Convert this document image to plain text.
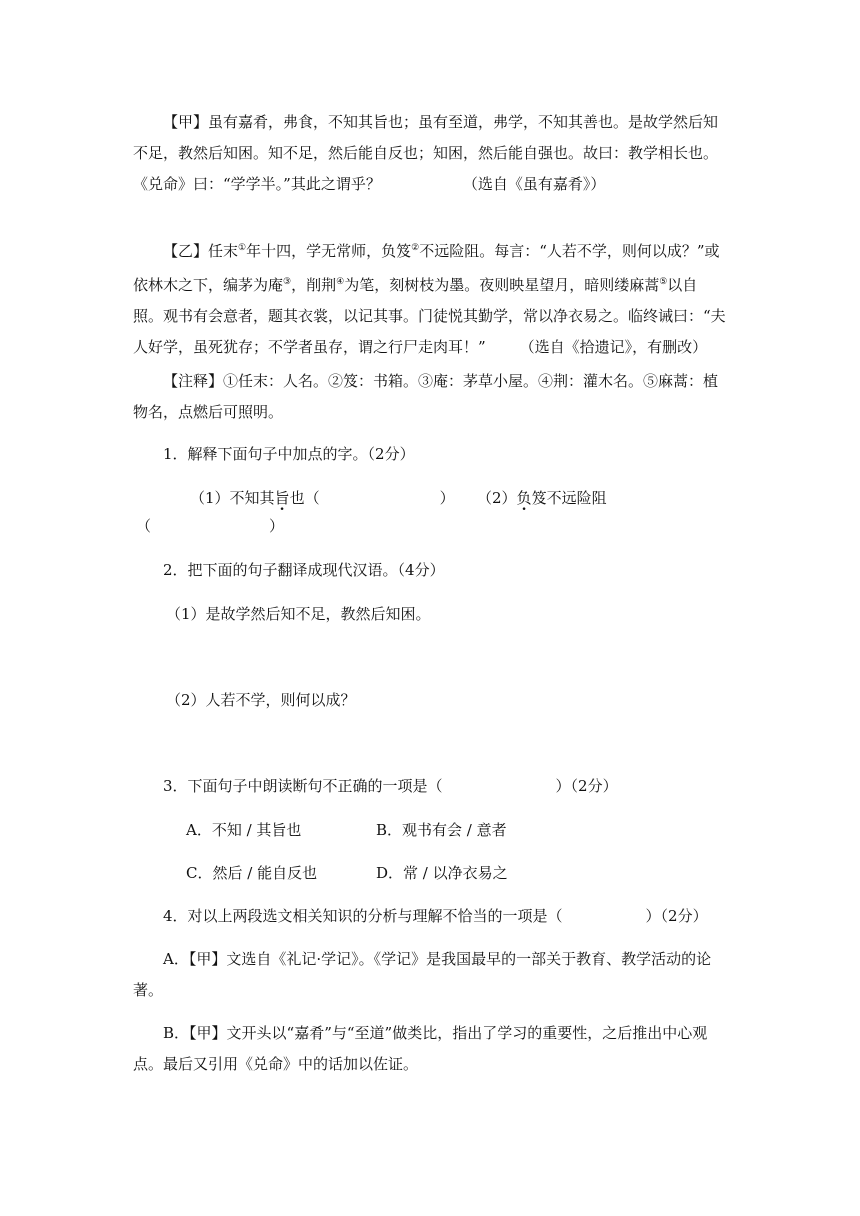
【甲】虽有嘉肴，弗食，不知其旨也；虽有至道，弗学，不知其善也。是故学然后知不足，教然后知困。知不足，然后能自反也；知困，然后能自强也。故曰：教学相长也。《兑命》曰：“学学半。”其此之谓乎？	（选自《虽有嘉肴》）

【乙】任末①年十四，学无常师，负笈②不远险阻。每言：“人若不学，则何以成？”或依林木之下，编茅为庵③，削荆④为笔，刻树枝为墨。夜则映星望月，暗则缕麻蒿⑤以自照。观书有会意者，题其衣裳，以记其事。门徒悦其勤学，常以净衣易之。临终诫曰：“夫人好学，虽死犹存；不学者虽存，谓之行尸走肉耳！” （选自《拾遗记》，有删改）

【注释】①任末：人名。②笈：书箱。③庵：茅草小屋。④荆：灌木名。⑤麻蒿：植物名，点燃后可照明。

1．解释下面句子中加点的字。（2分）
（1）不知其旨也（	） （2）负笈不远险阻
（	）
2．把下面的句子翻译成现代汉语。（4分）
（1）是故学然后知不足，教然后知困。
（2）人若不学，则何以成？
3．下面句子中朗读断句不正确的一项是（	）（2分）
A．不知 / 其旨也	B．观书有会 / 意者
C．然后 / 能自反也	D．常 / 以净衣易之
4．对以上两段选文相关知识的分析与理解不恰当的一项是（	）（2分）

A．【甲】文选自《礼记·学记》。《学记》是我国最早的一部关于教育、教学活动的论著。

B．【甲】文开头以“嘉肴”与“至道”做类比，指出了学习的重要性，之后推出中心观点。最后又引用《兑命》中的话加以佐证。
